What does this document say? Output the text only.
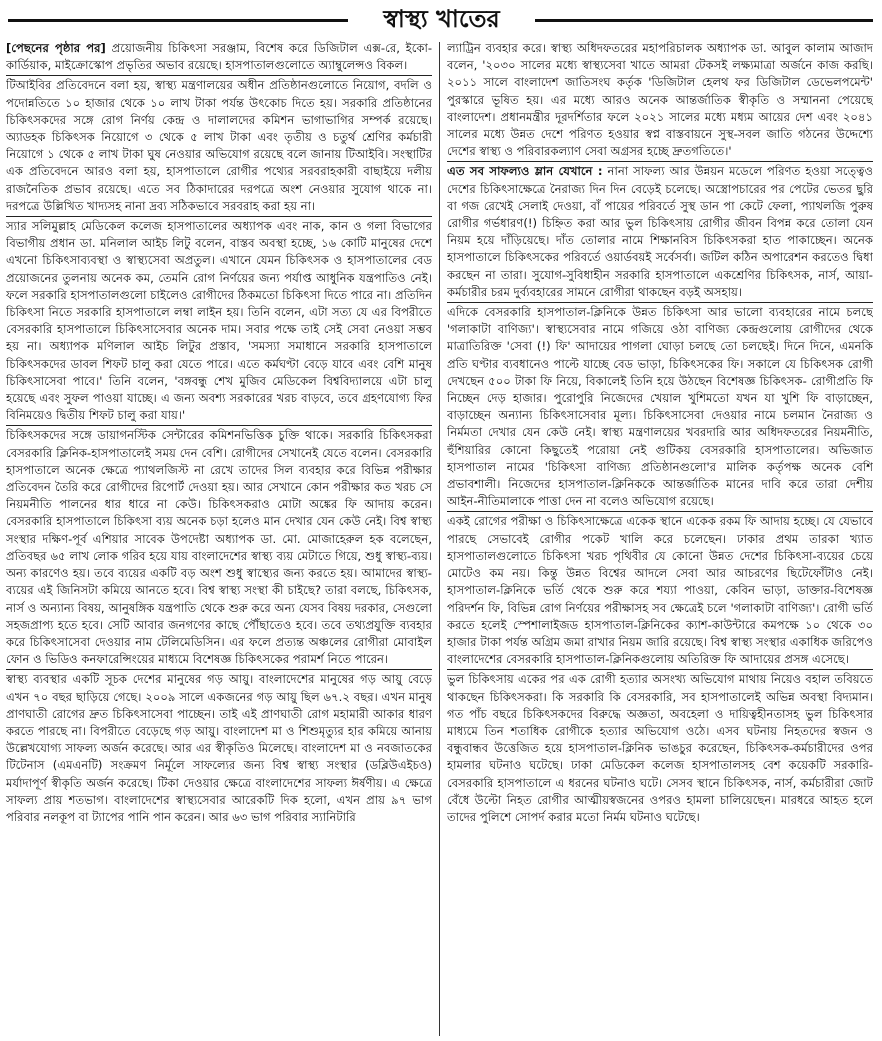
স্বাস্থ্য খাতের

[পেছনের পৃষ্ঠার পর] প্রয়োজনীয় চিকিৎসা সরঞ্জাম, বিশেষ করে ডিজিটাল এক্স-রে, ইকো-কার্ডিয়াক, মাইক্রোস্কোপ প্রভৃতির অভাব রয়েছে। হাসপাতালগুলোতে অ্যাম্বুলেন্সও বিকল।

টিআইবির প্রতিবেদনে বলা হয়, স্বাস্থ্য মন্ত্রণালয়ের অধীন প্রতিষ্ঠানগুলোতে নিয়োগ, বদলি ও পদোন্নতিতে ১০ হাজার থেকে ১০ লাখ টাকা পর্যন্ত উৎকোচ দিতে হয়। সরকারি প্রতিষ্ঠানের চিকিৎসকদের সঙ্গে রোগ নির্ণয় কেন্দ্র ও দালালদের কমিশন ভাগাভাগির সম্পর্ক রয়েছে। অ্যাডহক চিকিৎসক নিয়োগে ৩ থেকে ৫ লাখ টাকা এবং তৃতীয় ও চতুর্থ শ্রেণির কর্মচারী নিয়োগে ১ থেকে ৫ লাখ টাকা ঘুষ নেওয়ার অভিযোগ রয়েছে বলে জানায় টিআইবি। সংস্থাটির এক প্রতিবেদনে আরও বলা হয়, হাসপাতালে রোগীর পথ্যের সরবরাহকারী বাছাইয়ে দলীয় রাজনৈতিক প্রভাব রয়েছে। এতে সব ঠিকাদারের দরপত্রে অংশ নেওয়ার সুযোগ থাকে না। দরপত্রে উল্লিখিত খাদ্যসহ নানা দ্রব্য সঠিকভাবে সরবরাহ করা হয় না।

স্যার সলিমুল্লাহ মেডিকেল কলেজ হাসপাতালের অধ্যাপক এবং নাক, কান ও গলা বিভাগের বিভাগীয় প্রধান ডা. মনিলাল আইচ লিটু বলেন, বাস্তব অবস্থা হচ্ছে, ১৬ কোটি মানুষের দেশে এখনো চিকিৎসাব্যবস্থা ও স্বাস্থ্যসেবা অপ্রতুল। এখানে যেমন চিকিৎসক ও হাসপাতালের বেড প্রয়োজনের তুলনায় অনেক কম, তেমনি রোগ নির্ণয়ের জন্য পর্যাপ্ত আধুনিক যন্ত্রপাতিও নেই। ফলে সরকারি হাসপাতালগুলো চাইলেও রোগীদের ঠিকমতো চিকিৎসা দিতে পারে না। প্রতিদিন চিকিৎসা নিতে সরকারি হাসপাতালে লম্বা লাইন হয়। তিনি বলেন, এটা সত্য যে এর বিপরীতে বেসরকারি হাসপাতালে চিকিৎসাসেবার অনেক দাম। সবার পক্ষে তাই সেই সেবা নেওয়া সম্ভব হয় না। অধ্যাপক মণিলাল আইচ লিটুর প্রস্তাব, 'সমস্যা সমাধানে সরকারি হাসপাতালে চিকিৎসকদের ডাবল শিফট চালু করা যেতে পারে। এতে কর্মঘণ্টা বেড়ে যাবে এবং বেশি মানুষ চিকিৎসাসেবা পাবে।' তিনি বলেন, 'বঙ্গবন্ধু শেখ মুজিব মেডিকেল বিশ্ববিদ্যালয়ে এটা চালু হয়েছে এবং সুফল পাওয়া যাচ্ছে। এ জন্য অবশ্য সরকারের খরচ বাড়বে, তবে গ্রহণযোগ্য ফির বিনিময়েও দ্বিতীয় শিফট চালু করা যায়।'

চিকিৎসকদের সঙ্গে ডায়াগনস্টিক সেন্টারের কমিশনভিত্তিক চুক্তি থাকে। সরকারি চিকিৎসকরা বেসরকারি ক্লিনিক-হাসপাতালেই সময় দেন বেশি। রোগীদের সেখানেই যেতে বলেন। বেসরকারি হাসপাতালে অনেক ক্ষেত্রে প্যাথলজিস্ট না রেখে তাদের সিল ব্যবহার করে বিভিন্ন পরীক্ষার প্রতিবেদন তৈরি করে রোগীদের রিপোর্ট দেওয়া হয়। আর সেখানে কোন পরীক্ষার কত খরচ সে নিয়মনীতি পালনের ধার ধারে না কেউ। চিকিৎসকরাও মোটা অঙ্কের ফি আদায় করেন। বেসরকারি হাসপাতালে চিকিৎসা ব্যয় অনেক চড়া হলেও মান দেখার যেন কেউ নেই। বিশ্ব স্বাস্থ্য সংস্থার দক্ষিণ-পূর্ব এশিয়ার সাবেক উপদেষ্টা অধ্যাপক ডা. মো. মোজাহেরুল হক বলেছেন, প্রতিবছর ৬৫ লাখ লোক গরিব হয়ে যায় বাংলাদেশের স্বাস্থ্য ব্যয় মেটাতে গিয়ে, শুধু স্বাস্থ্য-ব্যয়। অন্য কারণেও হয়। তবে ব্যয়ের একটি বড় অংশ শুধু স্বাস্থ্যের জন্য করতে হয়। আমাদের স্বাস্থ্য-ব্যয়ের এই জিনিসটা কমিয়ে আনতে হবে। বিশ্ব স্বাস্থ্য সংস্থা কী চাইছে? তারা বলছে, চিকিৎসক, নার্স ও অন্যান্য বিষয়, আনুষঙ্গিক যন্ত্রপাতি থেকে শুরু করে অন্য যেসব বিষয় দরকার, সেগুলো সহজপ্রাপ্য হতে হবে। সেটি আবার জনগণের কাছে পৌঁছাতেও হবে। তবে তথ্যপ্রযুক্তি ব্যবহার করে চিকিৎসাসেবা দেওয়ার নাম টেলিমেডিসিন। এর ফলে প্রত্যন্ত অঞ্চলের রোগীরা মোবাইল ফোন ও ভিডিও কনফারেন্সিংয়ের মাধ্যমে বিশেষজ্ঞ চিকিৎসকের পরামর্শ নিতে পারেন।

স্বাস্থ্য ব্যবস্থার একটি সূচক দেশের মানুষের গড় আয়ু। বাংলাদেশের মানুষের গড় আয়ু বেড়ে এখন ৭০ বছর ছাড়িয়ে গেছে। ২০০৯ সালে একজনের গড় আয়ু ছিল ৬৭.২ বছর। এখন মানুষ প্রাণঘাতী রোগের দ্রুত চিকিৎসাসেবা পাচ্ছেন। তাই এই প্রাণঘাতী রোগ মহামারী আকার ধারণ করতে পারছে না। বিপরীতে বেড়েছে গড় আয়ু। বাংলাদেশ মা ও শিশুমৃত্যুর হার কমিয়ে আনায় উল্লেখযোগ্য সাফল্য অর্জন করেছে। আর এর স্বীকৃতিও মিলেছে। বাংলাদেশ মা ও নবজাতকের টিটেনাস (এমএনটি) সংক্রমণ নির্মূলে সাফল্যের জন্য বিশ্ব স্বাস্থ্য সংস্থার (ডব্লিউএইচও) মর্যাদাপূর্ণ স্বীকৃতি অর্জন করেছে। টিকা দেওয়ার ক্ষেত্রে বাংলাদেশের সাফল্য ঈর্ষণীয়। এ ক্ষেত্রে সাফল্য প্রায় শতভাগ। বাংলাদেশের স্বাস্থ্যসেবার আরেকটি দিক হলো, এখন প্রায় ৯৭ ভাগ পরিবার নলকূপ বা ট্যাপের পানি পান করেন। আর ৬৩ ভাগ পরিবার স্যানিটারি

ল্যাট্রিন ব্যবহার করে। স্বাস্থ্য অধিদফতরের মহাপরিচালক অধ্যাপক ডা. আবুল কালাম আজাদ বলেন, '২০৩০ সালের মধ্যে স্বাস্থ্যসেবা খাতে আমরা টেকসই লক্ষ্যমাত্রা অর্জনে কাজ করছি। ২০১১ সালে বাংলাদেশ জাতিসংঘ কর্তৃক 'ডিজিটাল হেলথ ফর ডিজিটাল ডেভেলপমেন্ট' পুরস্কারে ভূষিত হয়। এর মধ্যে আরও অনেক আন্তর্জাতিক স্বীকৃতি ও সম্মাননা পেয়েছে বাংলাদেশ। প্রধানমন্ত্রীর দূরদর্শিতার ফলে ২০২১ সালের মধ্যে মধ্যম আয়ের দেশ এবং ২০৪১ সালের মধ্যে উন্নত দেশে পরিণত হওয়ার স্বপ্ন বাস্তবায়নে সুস্থ-সবল জাতি গঠনের উদ্দেশ্যে দেশের স্বাস্থ্য ও পরিবারকল্যাণ সেবা অগ্রসর হচ্ছে দ্রুতগতিতে।'

এত সব সাফল্যও ম্লান যেখানে : নানা সাফল্য আর উন্নয়ন মডেলে পরিণত হওয়া সত্ত্বেও দেশের চিকিৎসাক্ষেত্রে নৈরাজ্য দিন দিন বেড়েই চলেছে। অস্ত্রোপচারের পর পেটের ভেতর ছুরি বা গজ রেখেই সেলাই দেওয়া, বাঁ পায়ের পরিবর্তে সুস্থ ডান পা কেটে ফেলা, প্যাথলজি পুরুষ রোগীর গর্ভধারণ(!) চিহ্নিত করা আর ভুল চিকিৎসায় রোগীর জীবন বিপন্ন করে তোলা যেন নিয়ম হয়ে দাঁড়িয়েছে। দাঁত তোলার নামে শিক্ষানবিস চিকিৎসকরা হাত পাকাচ্ছেন। অনেক হাসপাতালে চিকিৎসকের পরিবর্তে ওয়ার্ডবয়ই সর্বেসর্বা। জটিল কঠিন অপারেশন করতেও দ্বিধা করছেন না তারা। সুযোগ-সুবিধাহীন সরকারি হাসপাতালে একশ্রেণির চিকিৎসক, নার্স, আয়া-কর্মচারীর চরম দুর্ব্যবহারের সামনে রোগীরা থাকছেন বড়ই অসহায়।

এদিকে বেসরকারি হাসপাতাল-ক্লিনিকে উন্নত চিকিৎসা আর ভালো ব্যবহারের নামে চলছে 'গলাকাটা বাণিজ্য'। স্বাস্থ্যসেবার নামে গজিয়ে ওঠা বাণিজ্য কেন্দ্রগুলোয় রোগীদের থেকে মাত্রাতিরিক্ত 'সেবা (!) ফি' আদায়ের পাগলা ঘোড়া চলছে তো চলছেই। দিনে দিনে, এমনকি প্রতি ঘণ্টার ব্যবধানেও পাল্টে যাচ্ছে বেড ভাড়া, চিকিৎসকের ফি। সকালে যে চিকিৎসক রোগী দেখছেন ৫০০ টাকা ফি নিয়ে, বিকালেই তিনি হয়ে উঠছেন বিশেষজ্ঞ চিকিৎসক- রোগীপ্রতি ফি নিচ্ছেন দেড় হাজার। পুরোপুরি নিজেদের খেয়াল খুশিমতো যখন যা খুশি ফি বাড়াচ্ছেন, বাড়াচ্ছেন অন্যান্য চিকিৎসাসেবার মূল্য। চিকিৎসাসেবা দেওয়ার নামে চলমান নৈরাজ্য ও নির্মমতা দেখার যেন কেউ নেই। স্বাস্থ্য মন্ত্রণালয়ের খবরদারি আর অধিদফতরের নিয়মনীতি, হুঁশিয়ারির কোনো কিছুতেই পরোয়া নেই গুটিকয় বেসরকারি হাসপাতালের। অভিজাত হাসপাতাল নামের 'চিকিৎসা বাণিজ্য প্রতিষ্ঠানগুলো'র মালিক কর্তৃপক্ষ অনেক বেশি প্রভাবশালী। নিজেদের হাসপাতাল-ক্লিনিককে আন্তর্জাতিক মানের দাবি করে তারা দেশীয় আইন-নীতিমালাকে পাত্তা দেন না বলেও অভিযোগ রয়েছে।

একই রোগের পরীক্ষা ও চিকিৎসাক্ষেত্রে একেক স্থানে একেক রকম ফি আদায় হচ্ছে। যে যেভাবে পারছে সেভাবেই রোগীর পকেট খালি করে চলেছেন। ঢাকার প্রথম তারকা খ্যাত হাসপাতালগুলোতে চিকিৎসা খরচ পৃথিবীর যে কোনো উন্নত দেশের চিকিৎসা-ব্যয়ের চেয়ে মোটেও কম নয়। কিন্তু উন্নত বিশ্বের আদলে সেবা আর আচরণের ছিটেফোঁটাও নেই। হাসপাতাল-ক্লিনিকে ভর্তি থেকে শুরু করে শয্যা পাওয়া, কেবিন ভাড়া, ডাক্তার-বিশেষজ্ঞ পরিদর্শন ফি, বিভিন্ন রোগ নির্ণয়ের পরীক্ষাসহ সব ক্ষেত্রেই চলে 'গলাকাটা বাণিজ্য'। রোগী ভর্তি করতে হলেই স্পেশালাইজড হাসপাতাল-ক্লিনিকের ক্যাশ-কাউন্টারে কমপক্ষে ১০ থেকে ৩০ হাজার টাকা পর্যন্ত অগ্রিম জমা রাখার নিয়ম জারি রয়েছে। বিশ্ব স্বাস্থ্য সংস্থার একাধিক জরিপেও বাংলাদেশের বেসরকারি হাসপাতাল-ক্লিনিকগুলোয় অতিরিক্ত ফি আদায়ের প্রসঙ্গ এসেছে।

ভুল চিকিৎসায় একের পর এক রোগী হত্যার অসংখ্য অভিযোগ মাথায় নিয়েও বহাল তবিয়তে থাকছেন চিকিৎসকরা। কি সরকারি কি বেসরকারি, সব হাসপাতালেই অভিন্ন অবস্থা বিদ্যমান। গত পাঁচ বছরে চিকিৎসকদের বিরুদ্ধে অজ্ঞতা, অবহেলা ও দায়িত্বহীনতাসহ ভুল চিকিৎসার মাধ্যমে তিন শতাধিক রোগীকে হত্যার অভিযোগ ওঠে। এসব ঘটনায় নিহতদের স্বজন ও বন্ধুবান্ধব উত্তেজিত হয়ে হাসপাতাল-ক্লিনিক ভাঙচুর করেছেন, চিকিৎসক-কর্মচারীদের ওপর হামলার ঘটনাও ঘটেছে। ঢাকা মেডিকেল কলেজ হাসপাতালসহ বেশ কয়েকটি সরকারি-বেসরকারি হাসপাতালে এ ধরনের ঘটনাও ঘটে। সেসব স্থানে চিকিৎসক, নার্স, কর্মচারীরা জোট বেঁধে উল্টো নিহত রোগীর আত্মীয়স্বজনের ওপরও হামলা চালিয়েছেন। মারধরে আহত হলে তাদের পুলিশে সোপর্দ করার মতো নির্মম ঘটনাও ঘটেছে।
